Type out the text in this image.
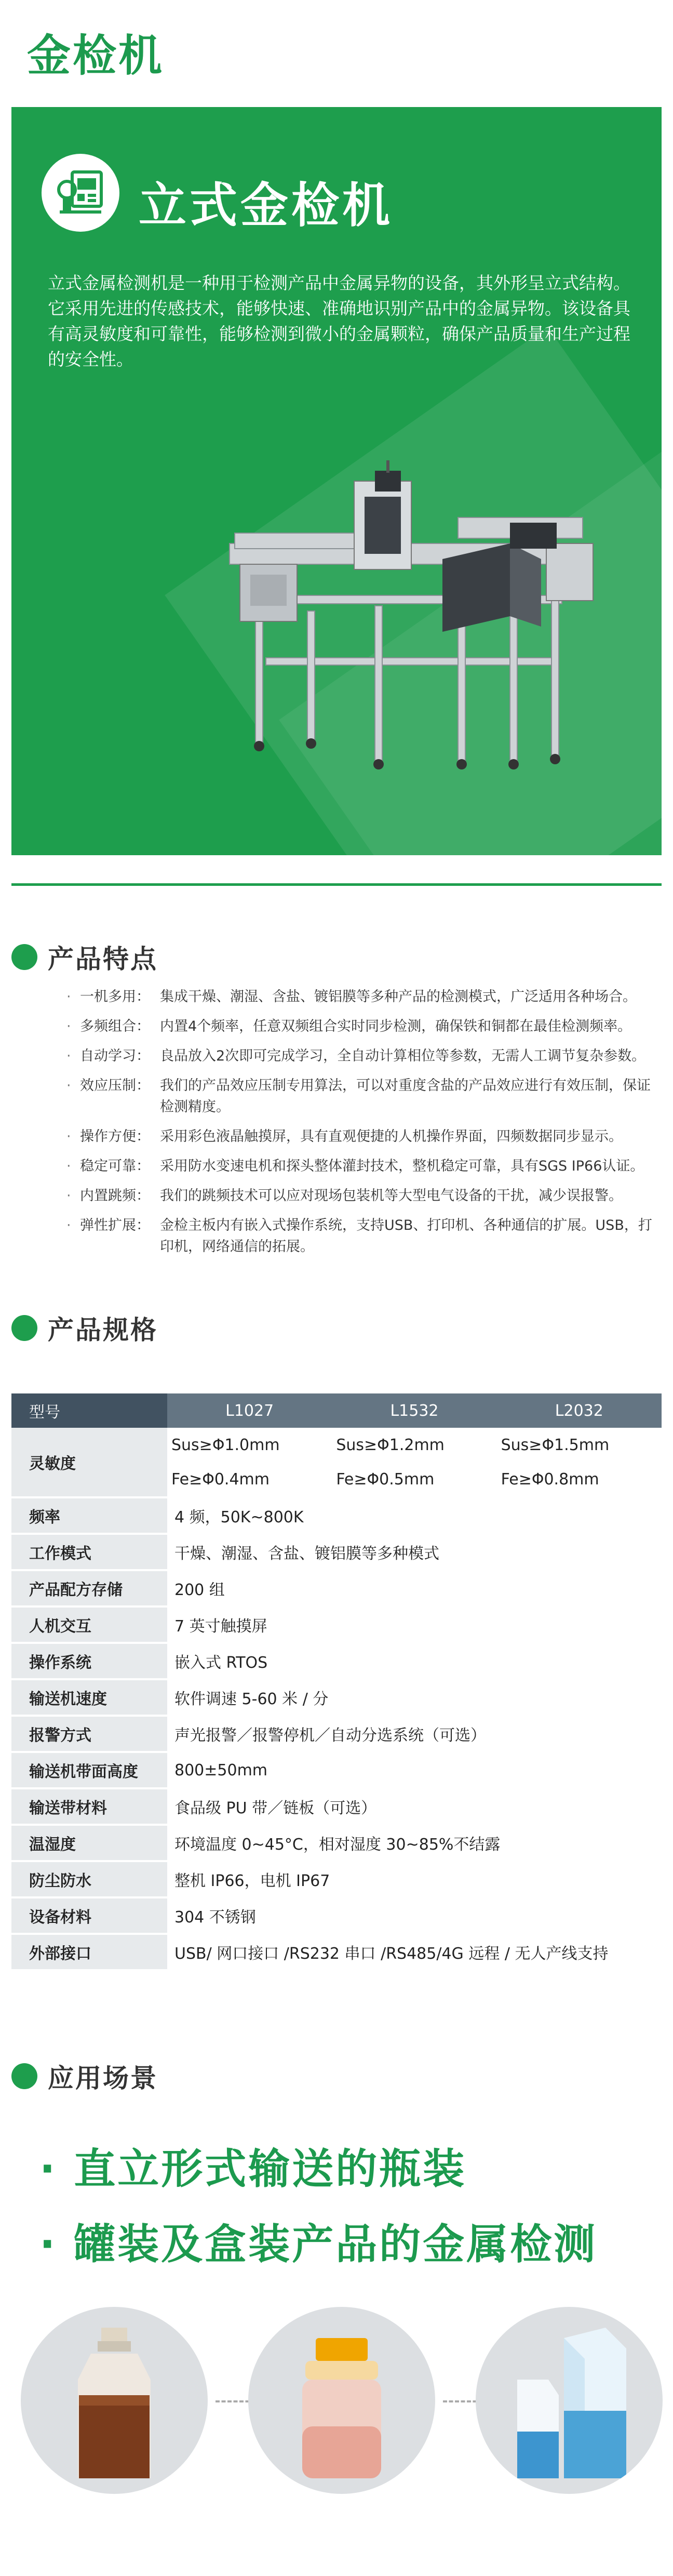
金检机
立式金检机
立式金属检测机是一种用于检测产品中金属异物的设备，其外形呈立式结构。它采用先进的传感技术，能够快速、准确地识别产品中的金属异物。该设备具有高灵敏度和可靠性，能够检测到微小的金属颗粒，确保产品质量和生产过程的安全性。
产品特点
· 一机多用： 集成干燥、潮湿、含盐、镀铝膜等多种产品的检测模式，广泛适用各种场合。
· 多频组合： 内置4个频率，任意双频组合实时同步检测，确保铁和铜都在最佳检测频率。
· 自动学习： 良品放入2次即可完成学习，全自动计算相位等参数，无需人工调节复杂参数。
· 效应压制： 我们的产品效应压制专用算法，可以对重度含盐的产品效应进行有效压制，保证检测精度。
· 操作方便： 采用彩色液晶触摸屏，具有直观便捷的人机操作界面，四频数据同步显示。
· 稳定可靠： 采用防水变速电机和探头整体灌封技术，整机稳定可靠，具有SGS IP66认证。
· 内置跳频： 我们的跳频技术可以应对现场包装机等大型电气设备的干扰，减少误报警。
· 弹性扩展： 金检主板内有嵌入式操作系统，支持USB、打印机、各种通信的扩展。USB，打印机，网络通信的拓展。
产品规格
型号	L1027	L1532	L2032
灵敏度	Sus≥Φ1.0mm	Sus≥Φ1.2mm	Sus≥Φ1.5mm
	Fe≥Φ0.4mm	Fe≥Φ0.5mm	Fe≥Φ0.8mm

频率	4 频，50K~800K		

工作模式	干燥、潮湿、含盐、镀铝膜等多种模式		

产品配方存储	200 组		

人机交互	7 英寸触摸屏		

操作系统	嵌入式 RTOS		

输送机速度	软件调速 5-60 米 / 分		

报警方式	声光报警／报警停机／自动分选系统（可选）		

输送机带面高度	800±50mm		

输送带材料	食品级 PU 带／链板（可选）		

温湿度	环境温度 0~45°C，相对湿度 30~85%不结露		

防尘防水	整机 IP66，电机 IP67		

设备材料	304 不锈钢		

外部接口	USB/ 网口接口 /RS232 串口 /RS485/4G 远程 / 无人产线支持		
应用场景
· 直立形式输送的瓶装
· 罐装及盒装产品的金属检测
